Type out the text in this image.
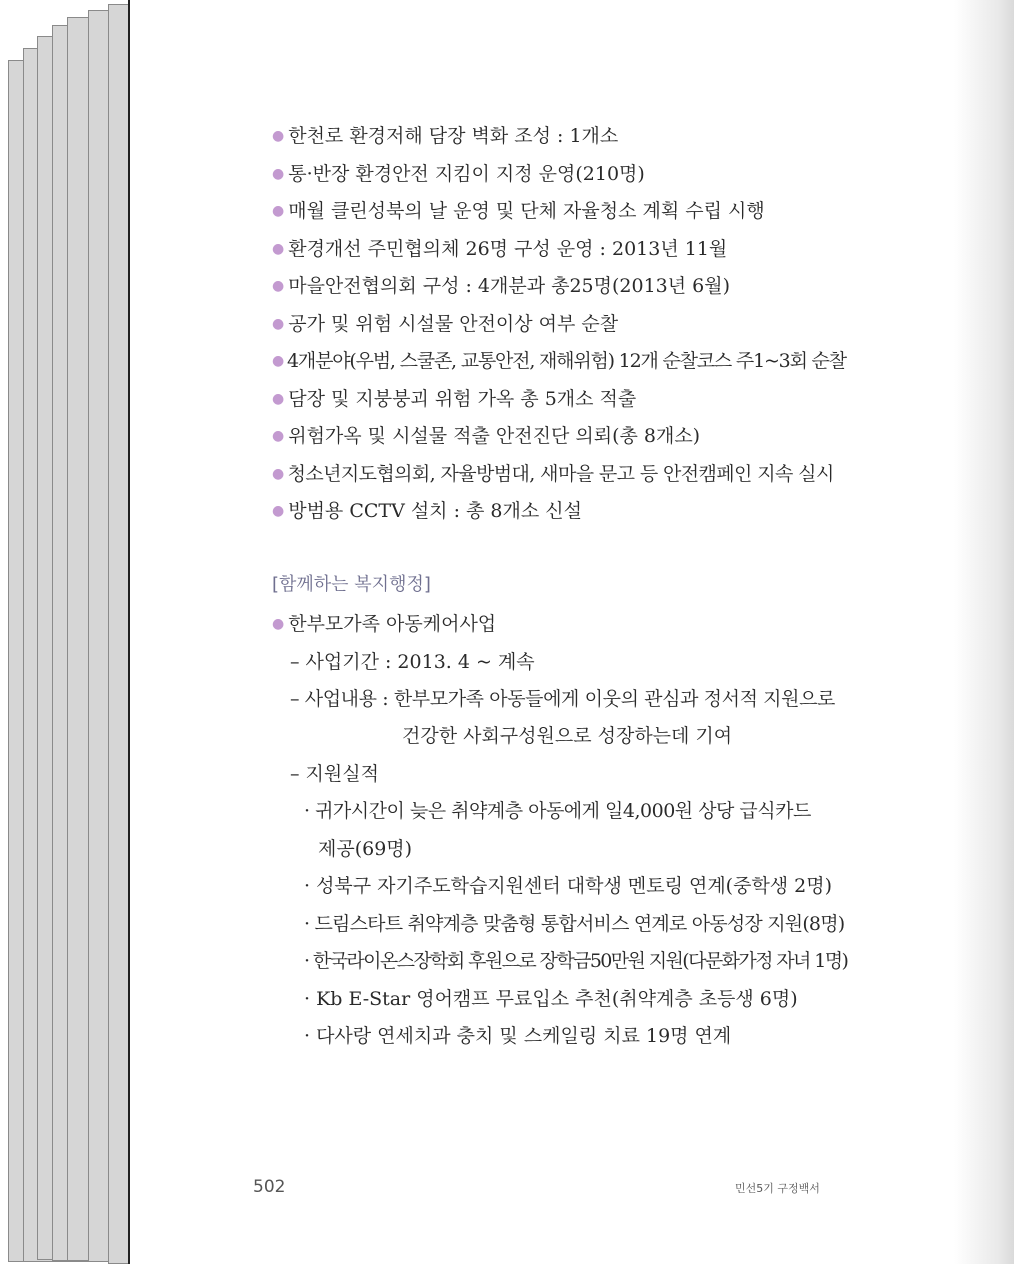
● 한천로 환경저해 담장 벽화 조성 : 1개소
● 통·반장 환경안전 지킴이 지정 운영(210명)
● 매월 클린성북의 날 운영 및 단체 자율청소 계획 수립 시행
● 환경개선 주민협의체 26명 구성 운영 : 2013년 11월
● 마을안전협의회 구성 : 4개분과 총25명(2013년 6월)
● 공가 및 위험 시설물 안전이상 여부 순찰
● 4개분야(우범, 스쿨존, 교통안전, 재해위험) 12개 순찰코스 주1~3회 순찰
● 담장 및 지붕붕괴 위험 가옥 총 5개소 적출
● 위험가옥 및 시설물 적출 안전진단 의뢰(총 8개소)
● 청소년지도협의회, 자율방범대, 새마을 문고 등 안전캠페인 지속 실시
● 방범용 CCTV 설치 : 총 8개소 신설
[함께하는 복지행정]
● 한부모가족 아동케어사업
– 사업기간 : 2013. 4 ~ 계속
– 사업내용 : 한부모가족 아동들에게 이웃의 관심과 정서적 지원으로
건강한 사회구성원으로 성장하는데 기여
– 지원실적
· 귀가시간이 늦은 취약계층 아동에게 일4,000원 상당 급식카드
제공(69명)
· 성북구 자기주도학습지원센터 대학생 멘토링 연계(중학생 2명)
· 드림스타트 취약계층 맞춤형 통합서비스 연계로 아동성장 지원(8명)
· 한국라이온스장학회 후원으로 장학금50만원 지원(다문화가정 자녀 1명)
· Kb E-Star 영어캠프 무료입소 추천(취약계층 초등생 6명)
· 다사랑 연세치과 충치 및 스케일링 치료 19명 연계
502	민선5기 구정백서
